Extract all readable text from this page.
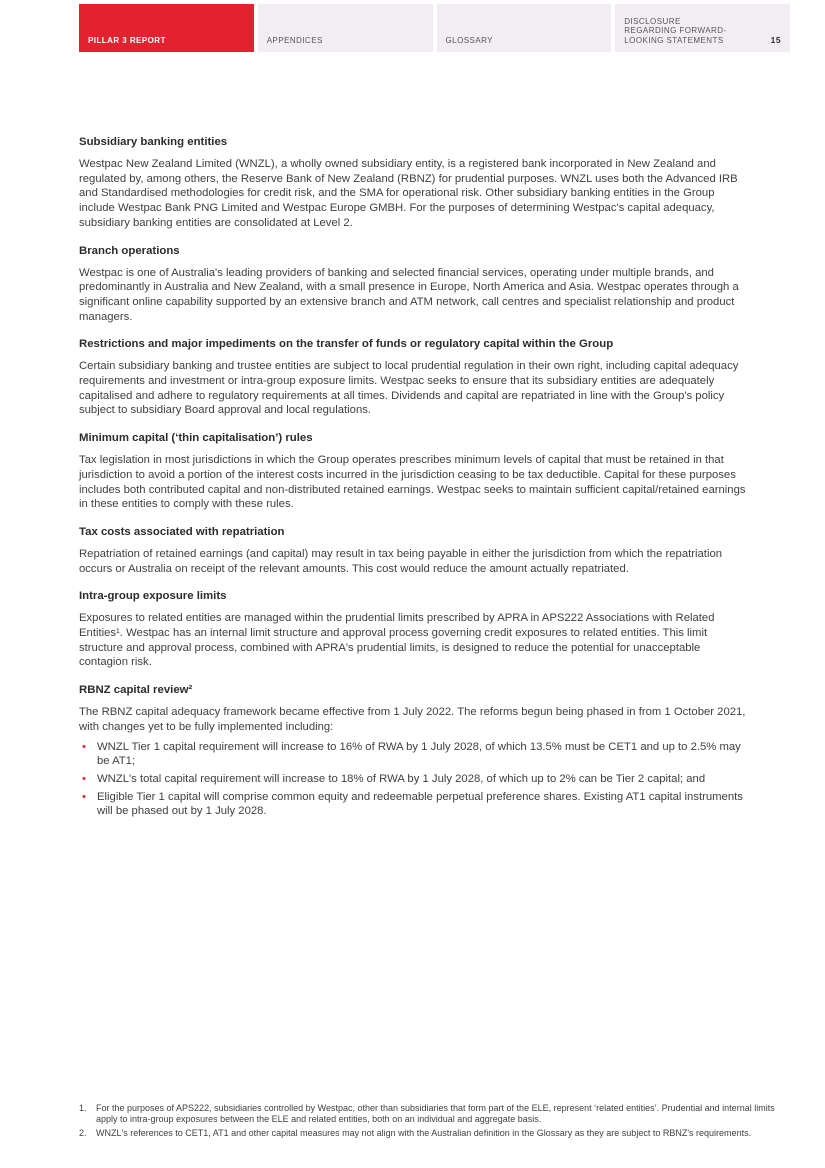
PILLAR 3 REPORT	APPENDICES	GLOSSARY
DISCLOSURE REGARDING FORWARD-LOOKING STATEMENTS	15
Subsidiary banking entities

Westpac New Zealand Limited (WNZL), a wholly owned subsidiary entity, is a registered bank incorporated in New Zealand and regulated by, among others, the Reserve Bank of New Zealand (RBNZ) for prudential purposes. WNZL uses both the Advanced IRB and Standardised methodologies for credit risk, and the SMA for operational risk. Other subsidiary banking entities in the Group include Westpac Bank PNG Limited and Westpac Europe GMBH. For the purposes of determining Westpac's capital adequacy, subsidiary banking entities are consolidated at Level 2.

Branch operations

Westpac is one of Australia's leading providers of banking and selected financial services, operating under multiple brands, and predominantly in Australia and New Zealand, with a small presence in Europe, North America and Asia. Westpac operates through a significant online capability supported by an extensive branch and ATM network, call centres and specialist relationship and product managers.

Restrictions and major impediments on the transfer of funds or regulatory capital within the Group

Certain subsidiary banking and trustee entities are subject to local prudential regulation in their own right, including capital adequacy requirements and investment or intra-group exposure limits. Westpac seeks to ensure that its subsidiary entities are adequately capitalised and adhere to regulatory requirements at all times. Dividends and capital are repatriated in line with the Group's policy subject to subsidiary Board approval and local regulations.

Minimum capital (‘thin capitalisation’) rules

Tax legislation in most jurisdictions in which the Group operates prescribes minimum levels of capital that must be retained in that jurisdiction to avoid a portion of the interest costs incurred in the jurisdiction ceasing to be tax deductible. Capital for these purposes includes both contributed capital and non-distributed retained earnings. Westpac seeks to maintain sufficient capital/retained earnings in these entities to comply with these rules.

Tax costs associated with repatriation

Repatriation of retained earnings (and capital) may result in tax being payable in either the jurisdiction from which the repatriation occurs or Australia on receipt of the relevant amounts. This cost would reduce the amount actually repatriated.

Intra-group exposure limits

Exposures to related entities are managed within the prudential limits prescribed by APRA in APS222 Associations with Related Entities¹. Westpac has an internal limit structure and approval process governing credit exposures to related entities. This limit structure and approval process, combined with APRA's prudential limits, is designed to reduce the potential for unacceptable contagion risk.

RBNZ capital review²

The RBNZ capital adequacy framework became effective from 1 July 2022. The reforms begun being phased in from 1 October 2021, with changes yet to be fully implemented including:

• WNZL Tier 1 capital requirement will increase to 16% of RWA by 1 July 2028, of which 13.5% must be CET1 and up to 2.5% may be AT1;
• WNZL's total capital requirement will increase to 18% of RWA by 1 July 2028, of which up to 2% can be Tier 2 capital; and
• Eligible Tier 1 capital will comprise common equity and redeemable perpetual preference shares. Existing AT1 capital instruments will be phased out by 1 July 2028.
1.	For the purposes of APS222, subsidiaries controlled by Westpac, other than subsidiaries that form part of the ELE, represent ‘related entities’. Prudential and internal limits apply to intra-group exposures between the ELE and related entities, both on an individual and aggregate basis.
2.	WNZL's references to CET1, AT1 and other capital measures may not align with the Australian definition in the Glossary as they are subject to RBNZ's requirements.
